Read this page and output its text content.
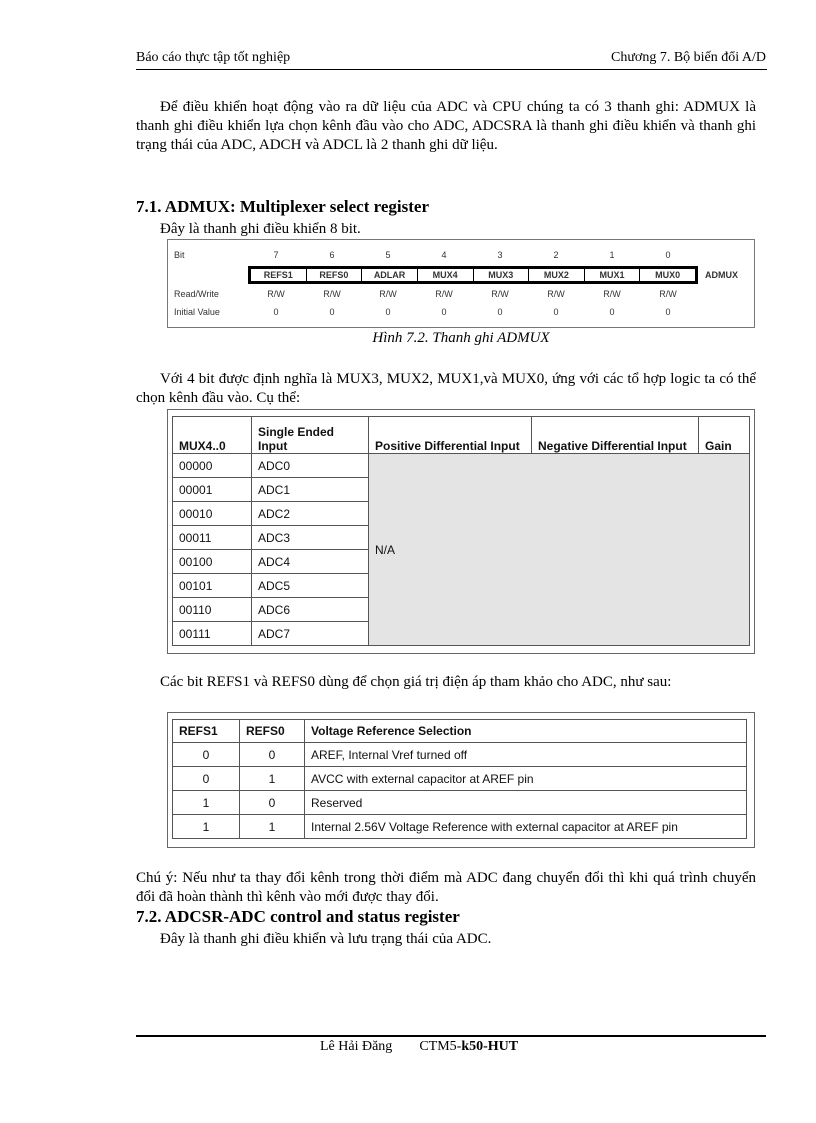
Báo cáo thực tập tốt nghiệp	Chương 7. Bộ biến đổi A/D
Để điều khiển hoạt động vào ra dữ liệu của ADC và CPU chúng ta có 3 thanh ghi: ADMUX là thanh ghi điều khiển lựa chọn kênh đầu vào cho ADC, ADCSRA là thanh ghi điều khiển và thanh ghi trạng thái của ADC, ADCH và ADCL là 2 thanh ghi dữ liệu.
7.1. ADMUX: Multiplexer select register
Đây là thanh ghi điều khiển 8 bit.
Bit	7	6	5	4	3	2	1	0
REFS1	REFS0	ADLAR	MUX4	MUX3	MUX2	MUX1	MUX0	ADMUX
Read/Write	R/W	R/W	R/W	R/W	R/W	R/W	R/W	R/W
Initial Value	0	0	0	0	0	0	0	0
Hình 7.2. Thanh ghi ADMUX
Với 4 bit được định nghĩa là MUX3, MUX2, MUX1,và MUX0, ứng với các tổ hợp logic ta có thể chọn kênh đầu vào. Cụ thể:
MUX4..0	Single Ended Input	Positive Differential Input	Negative Differential Input	Gain
00000	ADC0	N/A		
00001	ADC1			
00010	ADC2			
00011	ADC3			
00100	ADC4			
00101	ADC5			
00110	ADC6			
00111	ADC7			
Các bit REFS1 và REFS0 dùng để chọn giá trị điện áp tham khảo cho ADC, như sau:
REFS1	REFS0	Voltage Reference Selection
0	0	AREF, Internal Vref turned off
0	1	AVCC with external capacitor at AREF pin
1	0	Reserved
1	1	Internal 2.56V Voltage Reference with external capacitor at AREF pin
Chú ý: Nếu như ta thay đổi kênh trong thời điểm mà ADC đang chuyển đổi thì khi quá trình chuyển đổi đã hoàn thành thì kênh vào mới được thay đổi.
7.2. ADCSR-ADC control and status register
Đây là thanh ghi điều khiển và lưu trạng thái của ADC.
Lê Hải Đăng CTM5-k50-HUT
